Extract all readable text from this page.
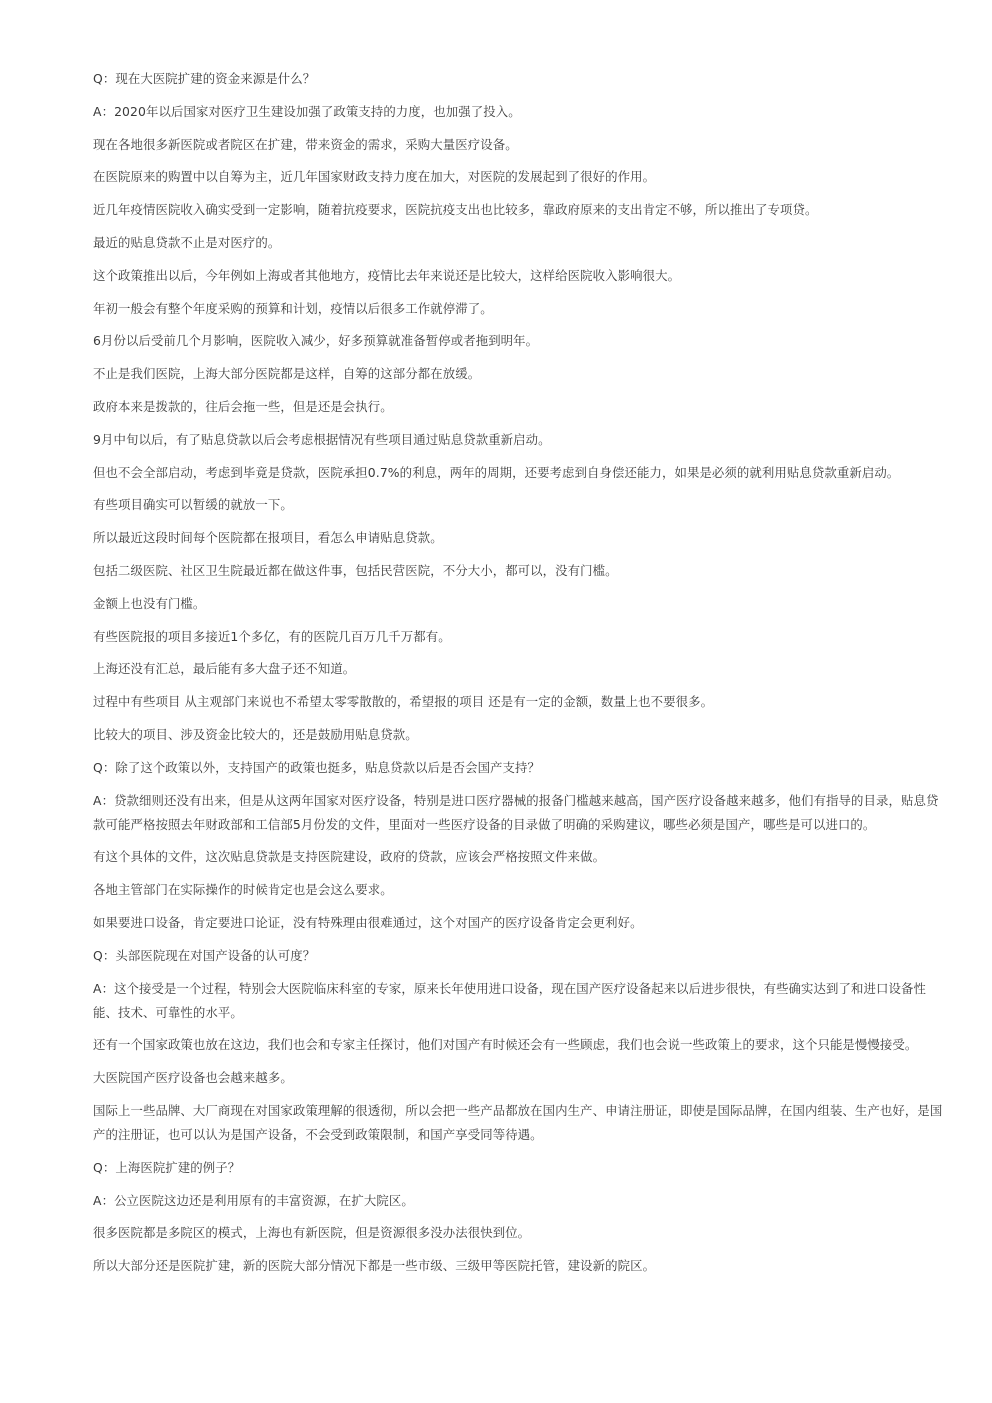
Q：现在大医院扩建的资金来源是什么？

A：2020年以后国家对医疗卫生建设加强了政策支持的力度，也加强了投入。

现在各地很多新医院或者院区在扩建，带来资金的需求，采购大量医疗设备。

在医院原来的购置中以自筹为主，近几年国家财政支持力度在加大，对医院的发展起到了很好的作用。

近几年疫情医院收入确实受到一定影响，随着抗疫要求，医院抗疫支出也比较多，靠政府原来的支出肯定不够，所以推出了专项贷。

最近的贴息贷款不止是对医疗的。

这个政策推出以后，今年例如上海或者其他地方，疫情比去年来说还是比较大，这样给医院收入影响很大。

年初一般会有整个年度采购的预算和计划，疫情以后很多工作就停滞了。

6月份以后受前几个月影响，医院收入减少，好多预算就准备暂停或者拖到明年。

不止是我们医院，上海大部分医院都是这样，自筹的这部分都在放缓。

政府本来是拨款的，往后会拖一些，但是还是会执行。

9月中旬以后，有了贴息贷款以后会考虑根据情况有些项目通过贴息贷款重新启动。

但也不会全部启动，考虑到毕竟是贷款，医院承担0.7%的利息，两年的周期，还要考虑到自身偿还能力，如果是必须的就利用贴息贷款重新启动。

有些项目确实可以暂缓的就放一下。

所以最近这段时间每个医院都在报项目，看怎么申请贴息贷款。

包括二级医院、社区卫生院最近都在做这件事，包括民营医院，不分大小，都可以，没有门槛。

金额上也没有门槛。

有些医院报的项目多接近1个多亿，有的医院几百万几千万都有。

上海还没有汇总，最后能有多大盘子还不知道。

过程中有些项目 从主观部门来说也不希望太零零散散的，希望报的项目 还是有一定的金额，数量上也不要很多。

比较大的项目、涉及资金比较大的，还是鼓励用贴息贷款。

Q：除了这个政策以外，支持国产的政策也挺多，贴息贷款以后是否会国产支持？

A：贷款细则还没有出来，但是从这两年国家对医疗设备，特别是进口医疗器械的报备门槛越来越高，国产医疗设备越来越多，他们有指导的目录，贴息贷款可能严格按照去年财政部和工信部5月份发的文件，里面对一些医疗设备的目录做了明确的采购建议，哪些必须是国产，哪些是可以进口的。

有这个具体的文件，这次贴息贷款是支持医院建设，政府的贷款，应该会严格按照文件来做。

各地主管部门在实际操作的时候肯定也是会这么要求。

如果要进口设备，肯定要进口论证，没有特殊理由很难通过，这个对国产的医疗设备肯定会更利好。

Q：头部医院现在对国产设备的认可度？

A：这个接受是一个过程，特别会大医院临床科室的专家，原来长年使用进口设备，现在国产医疗设备起来以后进步很快，有些确实达到了和进口设备性能、技术、可靠性的水平。

还有一个国家政策也放在这边，我们也会和专家主任探讨，他们对国产有时候还会有一些顾虑，我们也会说一些政策上的要求，这个只能是慢慢接受。

大医院国产医疗设备也会越来越多。

国际上一些品牌、大厂商现在对国家政策理解的很透彻，所以会把一些产品都放在国内生产、申请注册证，即使是国际品牌，在国内组装、生产也好，是国产的注册证，也可以认为是国产设备，不会受到政策限制，和国产享受同等待遇。

Q：上海医院扩建的例子？

A：公立医院这边还是利用原有的丰富资源，在扩大院区。

很多医院都是多院区的模式，上海也有新医院，但是资源很多没办法很快到位。

所以大部分还是医院扩建，新的医院大部分情况下都是一些市级、三级甲等医院托管，建设新的院区。
